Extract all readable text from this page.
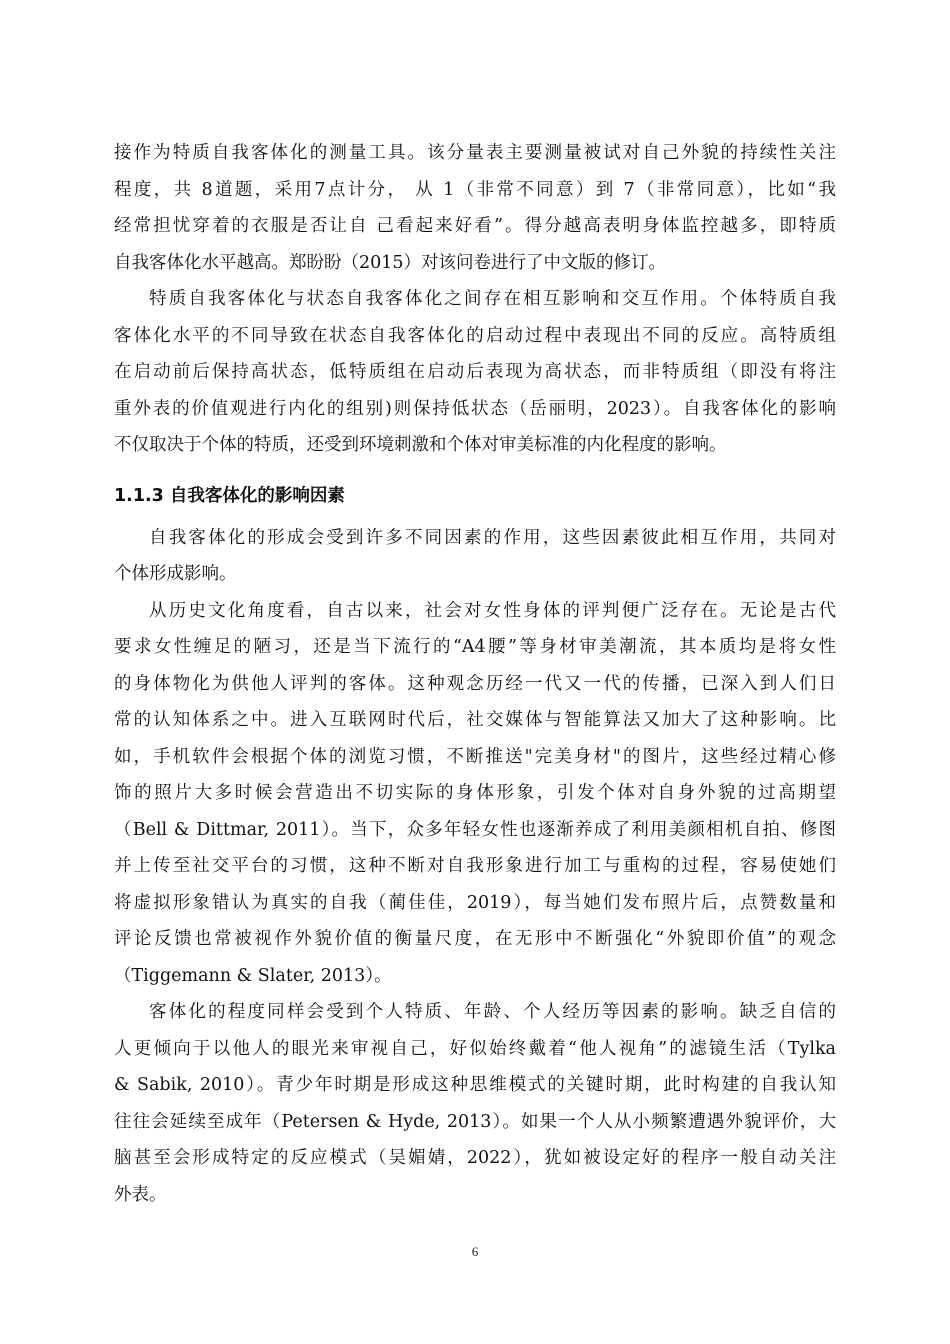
接作为特质自我客体化的测量工具。该分量表主要测量被试对自己外貌的持续性关注
程度，共 8道题，采用7点计分， 从 1（非常不同意）到 7（非常同意），比如“我
经常担忧穿着的衣服是否让自 己看起来好看”。得分越高表明身体监控越多，即特质
自我客体化水平越高。郑盼盼（2015）对该问卷进行了中文版的修订。
特质自我客体化与状态自我客体化之间存在相互影响和交互作用。个体特质自我
客体化水平的不同导致在状态自我客体化的启动过程中表现出不同的反应。高特质组
在启动前后保持高状态，低特质组在启动后表现为高状态，而非特质组（即没有将注
重外表的价值观进行内化的组别)则保持低状态（岳丽明，2023）。自我客体化的影响
不仅取决于个体的特质，还受到环境刺激和个体对审美标准的内化程度的影响。
1.1.3 自我客体化的影响因素
自我客体化的形成会受到许多不同因素的作用，这些因素彼此相互作用，共同对
个体形成影响。
从历史文化角度看，自古以来，社会对女性身体的评判便广泛存在。无论是古代
要求女性缠足的陋习，还是当下流行的“A4腰”等身材审美潮流，其本质均是将女性
的身体物化为供他人评判的客体。这种观念历经一代又一代的传播，已深入到人们日
常的认知体系之中。进入互联网时代后，社交媒体与智能算法又加大了这种影响。比
如，手机软件会根据个体的浏览习惯，不断推送"完美身材"的图片，这些经过精心修
饰的照片大多时候会营造出不切实际的身体形象，引发个体对自身外貌的过高期望
（Bell & Dittmar, 2011）。当下，众多年轻女性也逐渐养成了利用美颜相机自拍、修图
并上传至社交平台的习惯，这种不断对自我形象进行加工与重构的过程，容易使她们
将虚拟形象错认为真实的自我（蔺佳佳，2019），每当她们发布照片后，点赞数量和
评论反馈也常被视作外貌价值的衡量尺度，在无形中不断强化“外貌即价值”的观念
（Tiggemann & Slater, 2013）。
客体化的程度同样会受到个人特质、年龄、个人经历等因素的影响。缺乏自信的
人更倾向于以他人的眼光来审视自己，好似始终戴着“他人视角”的滤镜生活（Tylka
& Sabik, 2010）。青少年时期是形成这种思维模式的关键时期，此时构建的自我认知
往往会延续至成年（Petersen & Hyde, 2013）。如果一个人从小频繁遭遇外貌评价，大
脑甚至会形成特定的反应模式（吴媚婧，2022），犹如被设定好的程序一般自动关注
外表。
6
